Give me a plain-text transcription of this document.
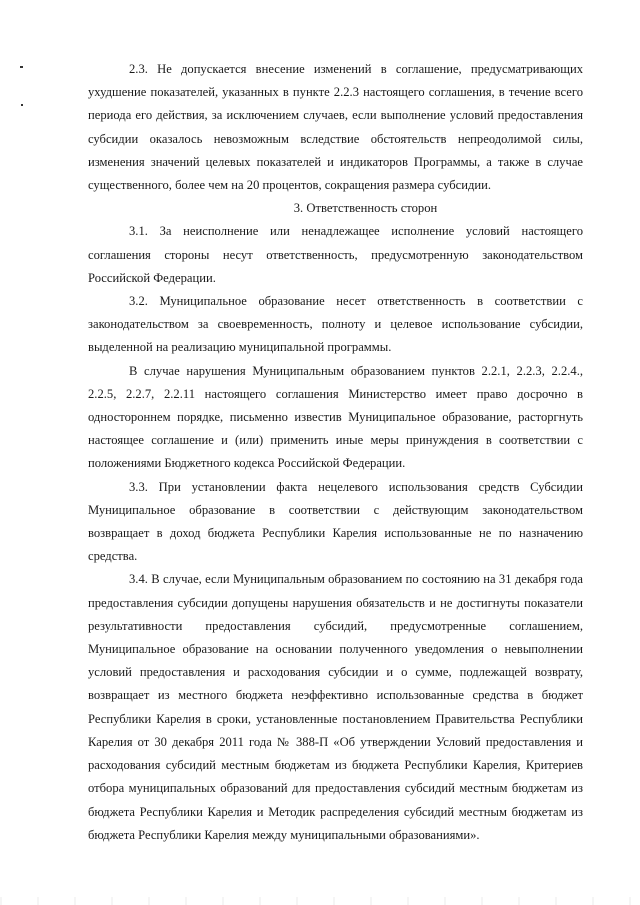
2.3. Не допускается внесение изменений в соглашение, предусматривающих ухудшение показателей, указанных в пункте 2.2.3 настоящего соглашения, в течение всего периода его действия, за исключением случаев, если выполнение условий предоставления субсидии оказалось невозможным вследствие обстоятельств непреодолимой силы, изменения значений целевых показателей и индикаторов Программы, а также в случае существенного, более чем на 20 процентов, сокращения размера субсидии.

3. Ответственность сторон

3.1. За неисполнение или ненадлежащее исполнение условий настоящего соглашения стороны несут ответственность, предусмотренную законодательством Российской Федерации.

3.2. Муниципальное образование несет ответственность в соответствии с законодательством за своевременность, полноту и целевое использование субсидии, выделенной на реализацию муниципальной программы.

В случае нарушения Муниципальным образованием пунктов 2.2.1, 2.2.3, 2.2.4., 2.2.5, 2.2.7, 2.2.11 настоящего соглашения Министерство имеет право досрочно в одностороннем порядке, письменно известив Муниципальное образование, расторгнуть настоящее соглашение и (или) применить иные меры принуждения в соответствии с положениями Бюджетного кодекса Российской Федерации.

3.3. При установлении факта нецелевого использования средств Субсидии Муниципальное образование в соответствии с действующим законодательством возвращает в доход бюджета Республики Карелия использованные не по назначению средства.

3.4. В случае, если Муниципальным образованием по состоянию на 31 декабря года предоставления субсидии допущены нарушения обязательств и не достигнуты показатели результативности предоставления субсидий, предусмотренные соглашением, Муниципальное образование на основании полученного уведомления о невыполнении условий предоставления и расходования субсидии и о сумме, подлежащей возврату, возвращает из местного бюджета неэффективно использованные средства в бюджет Республики Карелия в сроки, установленные постановлением Правительства Республики Карелия от 30 декабря 2011 года № 388-П «Об утверждении Условий предоставления и расходования субсидий местным бюджетам из бюджета Республики Карелия, Критериев отбора муниципальных образований для предоставления субсидий местным бюджетам из бюджета Республики Карелия и Методик распределения субсидий местным бюджетам из бюджета Республики Карелия между муниципальными образованиями».
